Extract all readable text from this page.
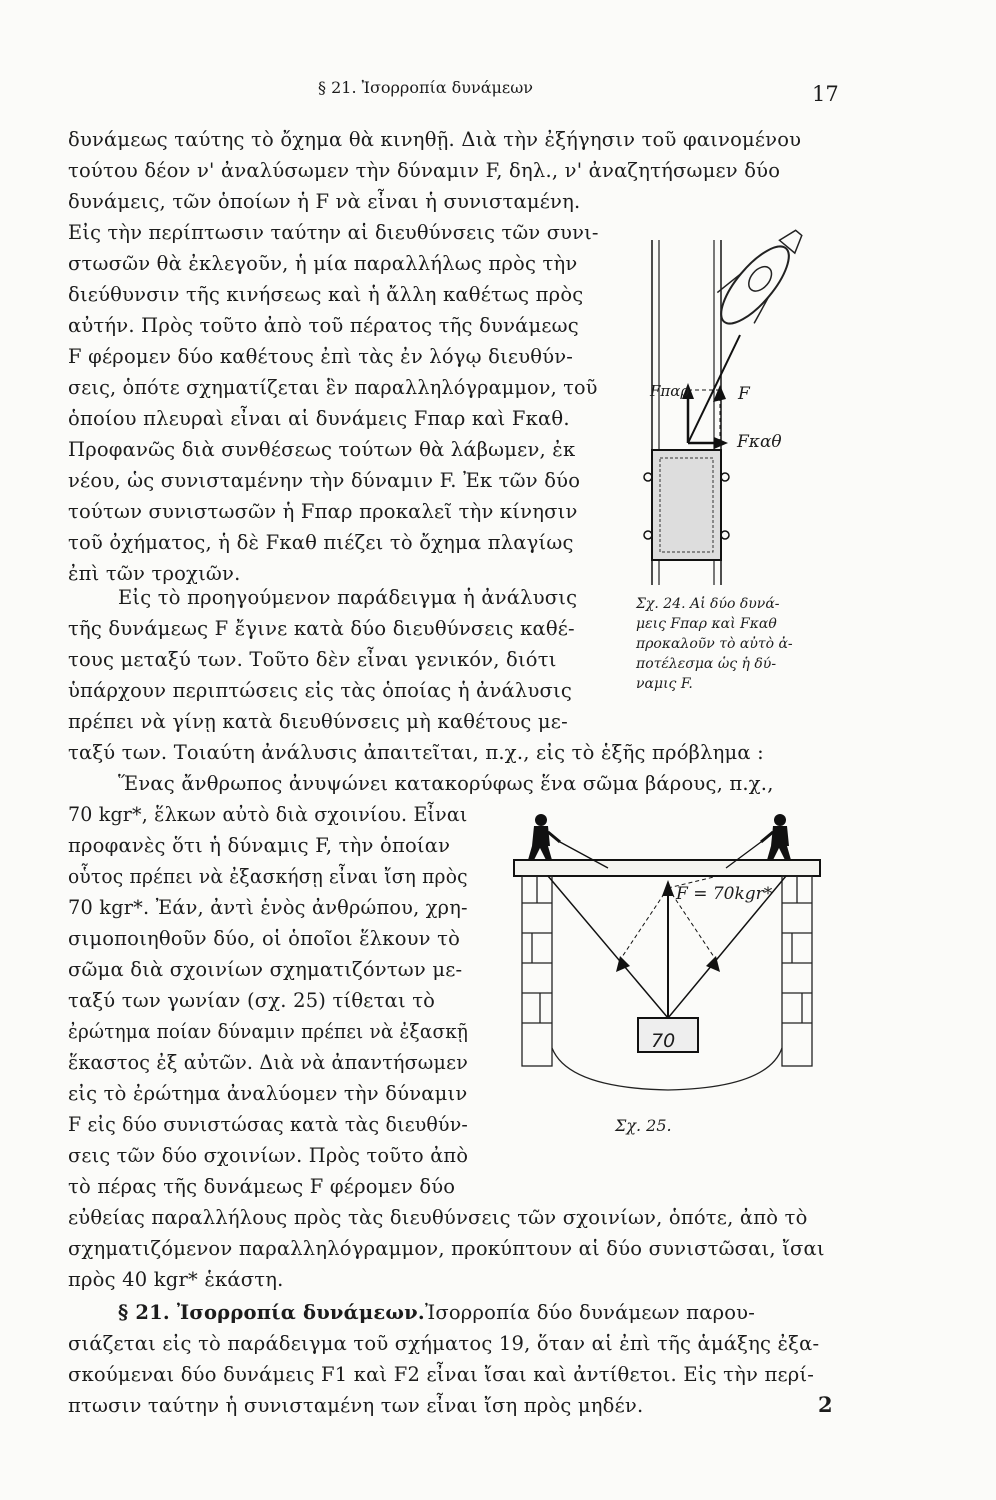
§ 21. Ἰσορροπία δυνάμεων	17
δυνάμεως ταύτης τὸ ὄχημα θὰ κινηθῇ. Διὰ τὴν ἐξήγησιν τοῦ φαινομένου
τούτου δέον ν' ἀναλύσωμεν τὴν δύναμιν F, δηλ., ν' ἀναζητήσωμεν δύο
δυνάμεις, τῶν ὁποίων ἡ F νὰ εἶναι ἡ συνισταμένη.
Εἰς τὴν περίπτωσιν ταύτην αἱ διευθύνσεις τῶν συνι-
στωσῶν θὰ ἐκλεγοῦν, ἡ μία παραλλήλως πρὸς τὴν
διεύθυνσιν τῆς κινήσεως καὶ ἡ ἄλλη καθέτως πρὸς
αὐτήν. Πρὸς τοῦτο ἀπὸ τοῦ πέρατος τῆς δυνάμεως
F φέρομεν δύο καθέτους ἐπὶ τὰς ἐν λόγῳ διευθύν-
σεις, ὁπότε σχηματίζεται ἓν παραλληλόγραμμον, τοῦ
ὁποίου πλευραὶ εἶναι αἱ δυνάμεις Fπαρ καὶ Fκαθ.
Προφανῶς διὰ συνθέσεως τούτων θὰ λάβωμεν, ἐκ
νέου, ὡς συνισταμένην τὴν δύναμιν F. Ἐκ τῶν δύο
τούτων συνιστωσῶν ἡ Fπαρ προκαλεῖ τὴν κίνησιν
τοῦ ὀχήματος, ἡ δὲ Fκαθ πιέζει τὸ ὄχημα πλαγίως
ἐπὶ τῶν τροχιῶν.
Εἰς τὸ προηγούμενον παράδειγμα ἡ ἀνάλυσις
τῆς δυνάμεως F ἔγινε κατὰ δύο διευθύνσεις καθέ-
τους μεταξύ των. Τοῦτο δὲν εἶναι γενικόν, διότι
ὑπάρχουν περιπτώσεις εἰς τὰς ὁποίας ἡ ἀνάλυσις
πρέπει νὰ γίνῃ κατὰ διευθύνσεις μὴ καθέτους με-
ταξύ των. Τοιαύτη ἀνάλυσις ἀπαιτεῖται, π.χ., εἰς τὸ ἑξῆς πρόβλημα :
Ἕνας ἄνθρωπος ἀνυψώνει κατακορύφως ἕνα σῶμα βάρους, π.χ.,
70 kgr*, ἕλκων αὐτὸ διὰ σχοινίου. Εἶναι
προφανὲς ὅτι ἡ δύναμις F, τὴν ὁποίαν
οὗτος πρέπει νὰ ἐξασκήσῃ εἶναι ἴση πρὸς
70 kgr*. Ἐάν, ἀντὶ ἑνὸς ἀνθρώπου, χρη-
σιμοποιηθοῦν δύο, οἱ ὁποῖοι ἕλκουν τὸ
σῶμα διὰ σχοινίων σχηματιζόντων με-
ταξύ των γωνίαν (σχ. 25) τίθεται τὸ
ἐρώτημα ποίαν δύναμιν πρέπει νὰ ἐξασκῇ
ἕκαστος ἐξ αὐτῶν. Διὰ νὰ ἀπαντήσωμεν
εἰς τὸ ἐρώτημα ἀναλύομεν τὴν δύναμιν
F εἰς δύο συνιστώσας κατὰ τὰς διευθύν-
σεις τῶν δύο σχοινίων. Πρὸς τοῦτο ἀπὸ
τὸ πέρας τῆς δυνάμεως F φέρομεν δύο
εὐθείας παραλλήλους πρὸς τὰς διευθύνσεις τῶν σχοινίων, ὁπότε, ἀπὸ τὸ
σχηματιζόμενον παραλληλόγραμμον, προκύπτουν αἱ δύο συνιστῶσαι, ἴσαι
πρὸς 40 kgr* ἑκάστη.
§ 21. Ἰσορροπία δυνάμεων. Ἰσορροπία δύο δυνάμεων παρου-
σιάζεται εἰς τὸ παράδειγμα τοῦ σχήματος 19, ὅταν αἱ ἐπὶ τῆς ἁμάξης ἐξα-
σκούμεναι δύο δυνάμεις F1 καὶ F2 εἶναι ἴσαι καὶ ἀντίθετοι. Εἰς τὴν περί-
πτωσιν ταύτην ἡ συνισταμένη των εἶναι ἴση πρὸς μηδέν.	2
Fπαρ	F
Fκαθ
Σχ. 24. Αἱ δύο δυνά-
μεις Fπαρ καὶ Fκαθ
προκαλοῦν τὸ αὐτὸ ἀ-
ποτέλεσμα ὡς ἡ δύ-
ναμις F.
F = 70kgr*
70
Σχ. 25.
